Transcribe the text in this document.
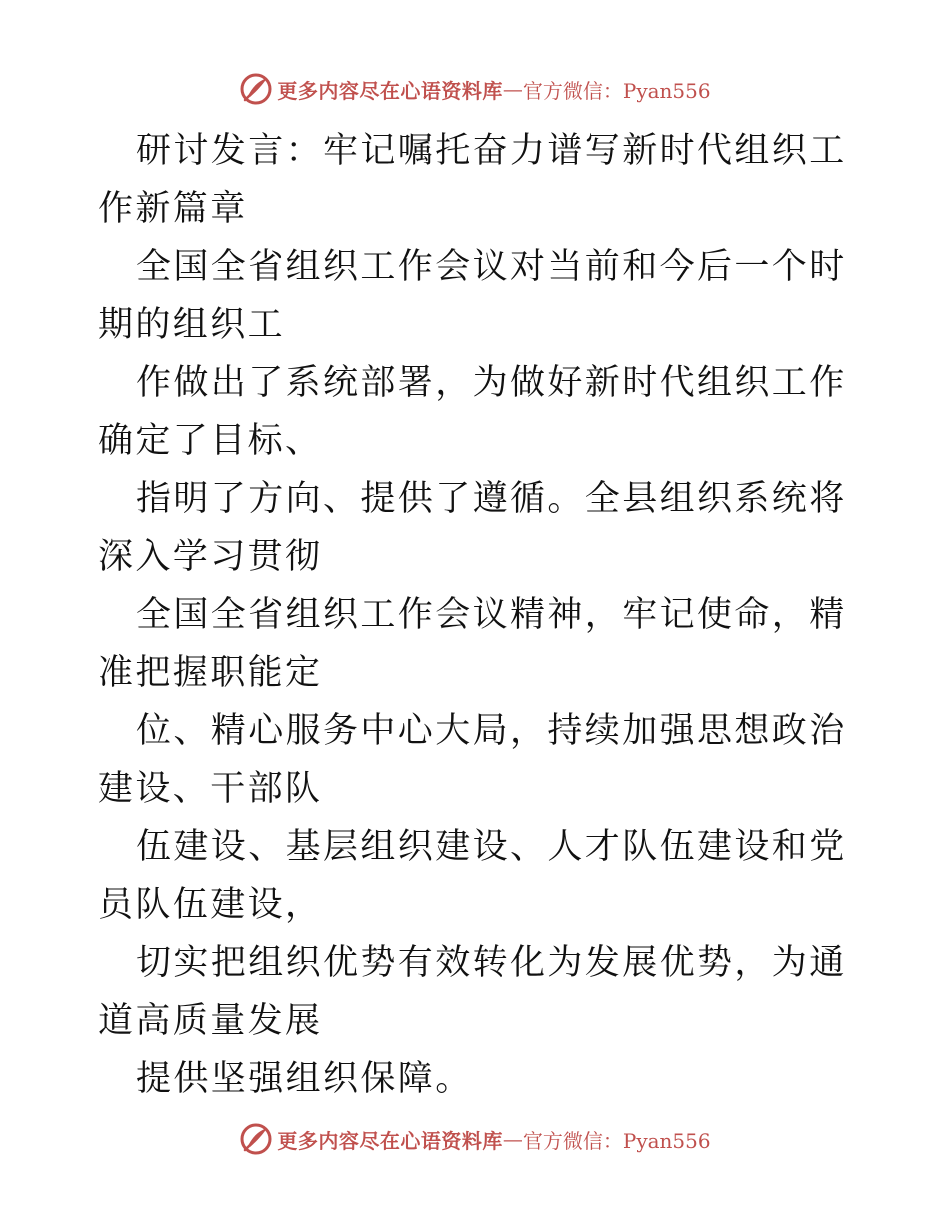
更多内容尽在心语资料库 — 官方微信：Pyan556

研讨发言：牢记嘱托奋力谱写新时代组织工作新篇章

全国全省组织工作会议对当前和今后一个时期的组织工

作做出了系统部署，为做好新时代组织工作确定了目标、

指明了方向、提供了遵循。全县组织系统将深入学习贯彻

全国全省组织工作会议精神，牢记使命，精准把握职能定

位、精心服务中心大局，持续加强思想政治建设、干部队

伍建设、基层组织建设、人才队伍建设和党员队伍建设，

切实把组织优势有效转化为发展优势，为通道高质量发展

提供坚强组织保障。

更多内容尽在心语资料库 — 官方微信：Pyan556
